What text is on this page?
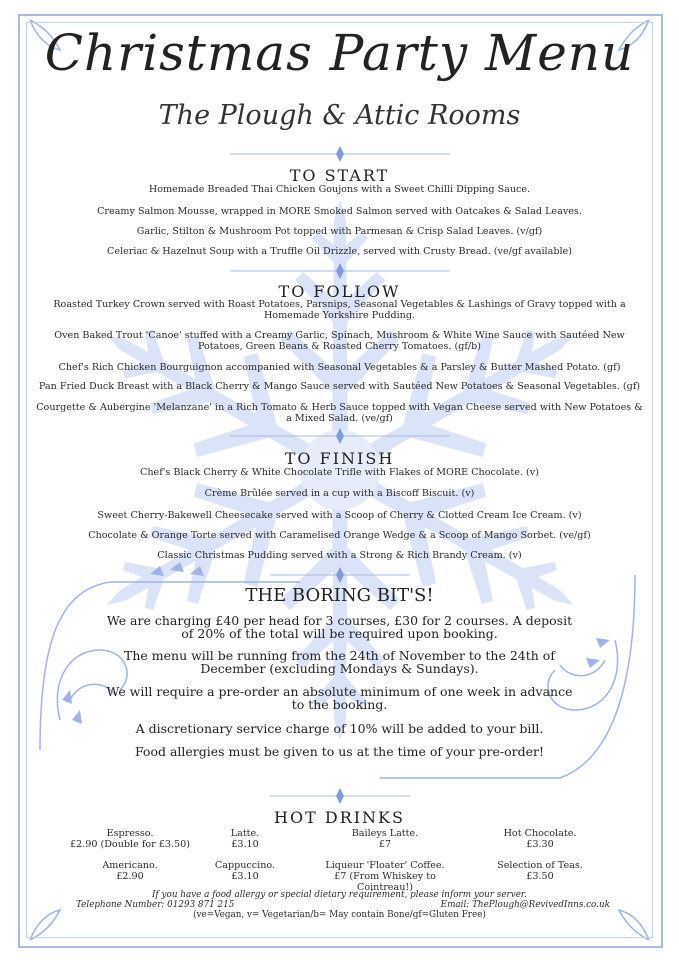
Christmas Party Menu
The Plough & Attic Rooms
TO START
Homemade Breaded Thai Chicken Goujons with a Sweet Chilli Dipping Sauce.
Creamy Salmon Mousse, wrapped in MORE Smoked Salmon served with Oatcakes & Salad Leaves.
Garlic, Stilton & Mushroom Pot topped with Parmesan & Crisp Salad Leaves. (v/gf)
Celeriac & Hazelnut Soup with a Truffle Oil Drizzle, served with Crusty Bread. (ve/gf available)
TO FOLLOW
Roasted Turkey Crown served with Roast Potatoes, Parsnips, Seasonal Vegetables & Lashings of Gravy topped with a Homemade Yorkshire Pudding.
Oven Baked Trout 'Canoe' stuffed with a Creamy Garlic, Spinach, Mushroom & White Wine Sauce with Sautéed New Potatoes, Green Beans & Roasted Cherry Tomatoes. (gf/b)
Chef's Rich Chicken Bourguignon accompanied with Seasonal Vegetables & a Parsley & Butter Mashed Potato. (gf)
Pan Fried Duck Breast with a Black Cherry & Mango Sauce served with Sautéed New Potatoes & Seasonal Vegetables. (gf)
Courgette & Aubergine 'Melanzane' in a Rich Tomato & Herb Sauce topped with Vegan Cheese served with New Potatoes & a Mixed Salad. (ve/gf)
TO FINISH
Chef's Black Cherry & White Chocolate Trifle with Flakes of MORE Chocolate. (v)
Crème Brûlée served in a cup with a Biscoff Biscuit. (v)
Sweet Cherry-Bakewell Cheesecake served with a Scoop of Cherry & Clotted Cream Ice Cream. (v)
Chocolate & Orange Torte served with Caramelised Orange Wedge & a Scoop of Mango Sorbet. (ve/gf)
Classic Christmas Pudding served with a Strong & Rich Brandy Cream. (v)
THE BORING BIT'S!
We are charging £40 per head for 3 courses, £30 for 2 courses. A deposit of 20% of the total will be required upon booking.
The menu will be running from the 24th of November to the 24th of December (excluding Mondays & Sundays).
We will require a pre-order an absolute minimum of one week in advance to the booking.
A discretionary service charge of 10% will be added to your bill.
Food allergies must be given to us at the time of your pre-order!
HOT DRINKS
Espresso.
£2.90 (Double for £3.50)
Latte.
£3.10
Baileys Latte.
£7
Hot Chocolate.
£3.30
Americano.
£2.90
Cappuccino.
£3.10
Liqueur 'Floater' Coffee.
£7 (From Whiskey to Cointreau!)
Selection of Teas.
£3.50
If you have a food allergy or special dietary requirement, please inform your server.
Telephone Number: 01293 871 215	Email: ThePlough@RevivedInns.co.uk
(ve=Vegan, v= Vegetarian/b= May contain Bone/gf=Gluten Free)
